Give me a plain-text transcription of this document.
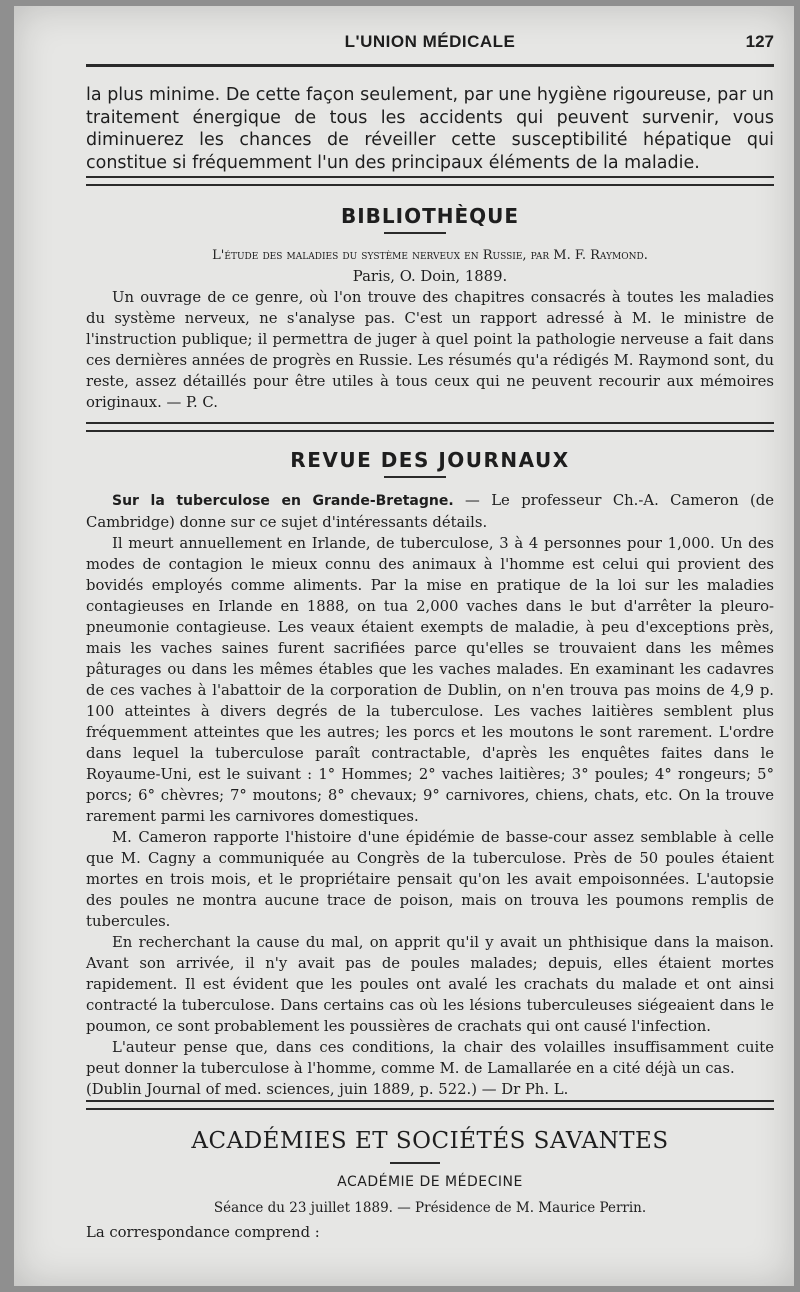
L'UNION MÉDICALE	127
la plus minime. De cette façon seulement, par une hygiène rigoureuse, par un traitement énergique de tous les accidents qui peuvent survenir, vous diminuerez les chances de réveiller cette susceptibilité hépatique qui constitue si fréquemment l'un des principaux éléments de la maladie.
BIBLIOTHÈQUE

L'étude des maladies du système nerveux en Russie, par M. F. Raymond.

Paris, O. Doin, 1889.

Un ouvrage de ce genre, où l'on trouve des chapitres consacrés à toutes les maladies du système nerveux, ne s'analyse pas. C'est un rapport adressé à M. le ministre de l'instruction publique; il permettra de juger à quel point la pathologie nerveuse a fait dans ces dernières années de progrès en Russie. Les résumés qu'a rédigés M. Raymond sont, du reste, assez détaillés pour être utiles à tous ceux qui ne peuvent recourir aux mémoires originaux. — P. C.

REVUE DES JOURNAUX

Sur la tuberculose en Grande-Bretagne. — Le professeur Ch.-A. Cameron (de Cambridge) donne sur ce sujet d'intéressants détails.

Il meurt annuellement en Irlande, de tuberculose, 3 à 4 personnes pour 1,000. Un des modes de contagion le mieux connu des animaux à l'homme est celui qui provient des bovidés employés comme aliments. Par la mise en pratique de la loi sur les maladies contagieuses en Irlande en 1888, on tua 2,000 vaches dans le but d'arrêter la pleuro-pneumonie contagieuse. Les veaux étaient exempts de maladie, à peu d'exceptions près, mais les vaches saines furent sacrifiées parce qu'elles se trouvaient dans les mêmes pâturages ou dans les mêmes étables que les vaches malades. En examinant les cadavres de ces vaches à l'abattoir de la corporation de Dublin, on n'en trouva pas moins de 4,9 p. 100 atteintes à divers degrés de la tuberculose. Les vaches laitières semblent plus fréquemment atteintes que les autres; les porcs et les moutons le sont rarement. L'ordre dans lequel la tuberculose paraît contractable, d'après les enquêtes faites dans le Royaume-Uni, est le suivant : 1° Hommes; 2° vaches laitières; 3° poules; 4° rongeurs; 5° porcs; 6° chèvres; 7° moutons; 8° chevaux; 9° carnivores, chiens, chats, etc. On la trouve rarement parmi les carnivores domestiques.

M. Cameron rapporte l'histoire d'une épidémie de basse-cour assez semblable à celle que M. Cagny a communiquée au Congrès de la tuberculose. Près de 50 poules étaient mortes en trois mois, et le propriétaire pensait qu'on les avait empoisonnées. L'autopsie des poules ne montra aucune trace de poison, mais on trouva les poumons remplis de tubercules.

En recherchant la cause du mal, on apprit qu'il y avait un phthisique dans la maison. Avant son arrivée, il n'y avait pas de poules malades; depuis, elles étaient mortes rapidement. Il est évident que les poules ont avalé les crachats du malade et ont ainsi contracté la tuberculose. Dans certains cas où les lésions tuberculeuses siégeaient dans le poumon, ce sont probablement les poussières de crachats qui ont causé l'infection.

L'auteur pense que, dans ces conditions, la chair des volailles insuffisamment cuite peut donner la tuberculose à l'homme, comme M. de Lamallarée en a cité déjà un cas.

(Dublin Journal of med. sciences, juin 1889, p. 522.) — Dr Ph. L.

ACADÉMIES ET SOCIÉTÉS SAVANTES
ACADÉMIE DE MÉDECINE
Séance du 23 juillet 1889. — Présidence de M. Maurice Perrin.
La correspondance comprend :
